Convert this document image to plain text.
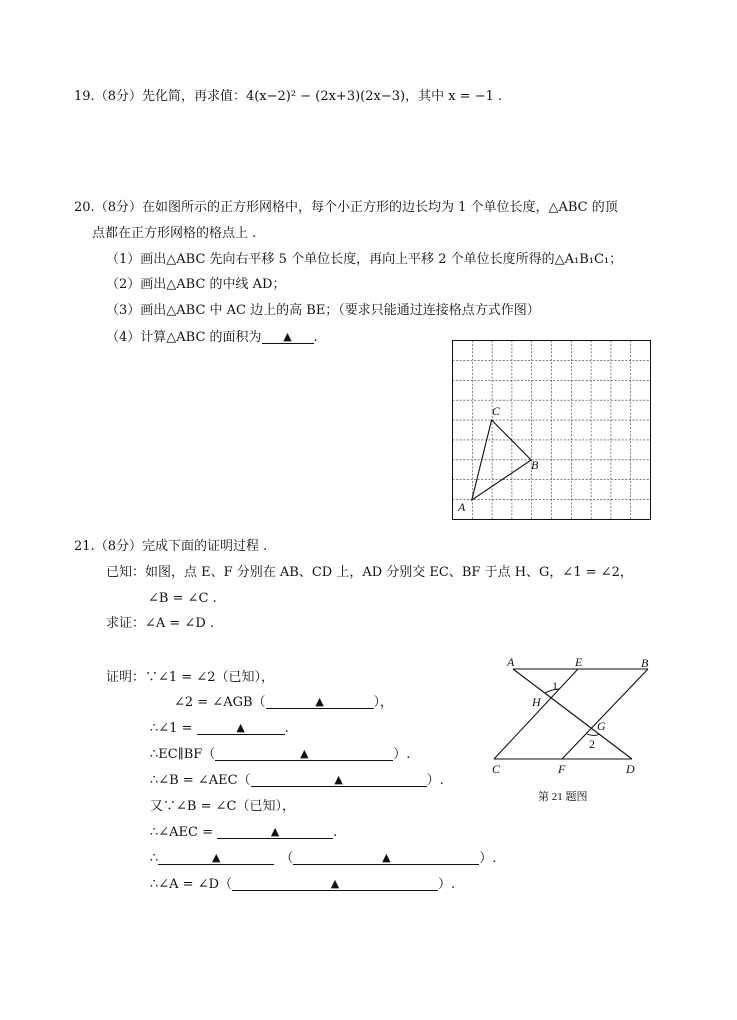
19.（8分）先化简，再求值：4(x−2)² − (2x+3)(2x−3)，其中 x = −1 .
20.（8分）在如图所示的正方形网格中，每个小正方形的边长均为 1 个单位长度，△ABC 的顶
点都在正方形网格的格点上 .
（1）画出△ABC 先向右平移 5 个单位长度，再向上平移 2 个单位长度所得的△A₁B₁C₁；
（2）画出△ABC 的中线 AD；
（3）画出△ABC 中 AC 边上的高 BE；（要求只能通过连接格点方式作图）
（4）计算△ABC 的面积为 ▲ .
A
B
C
21.（8分）完成下面的证明过程 .
已知：如图，点 E、F 分别在 AB、CD 上，AD 分别交 EC、BF 于点 H、G，∠1 = ∠2，
∠B = ∠C .
求证：∠A = ∠D .
证明：∵∠1 = ∠2（已知），
∠2 = ∠AGB（	▲	），
∴∠1 =	▲	.
∴EC∥BF（	▲	）.
∴∠B = ∠AEC（	▲	）.
又∵∠B = ∠C（已知），
∴∠AEC =	▲	.
∴	▲	（	▲	）.
∴∠A = ∠D（	▲	）.
A	E	B
H
1
G
2
C	F	D
第 21 题图
